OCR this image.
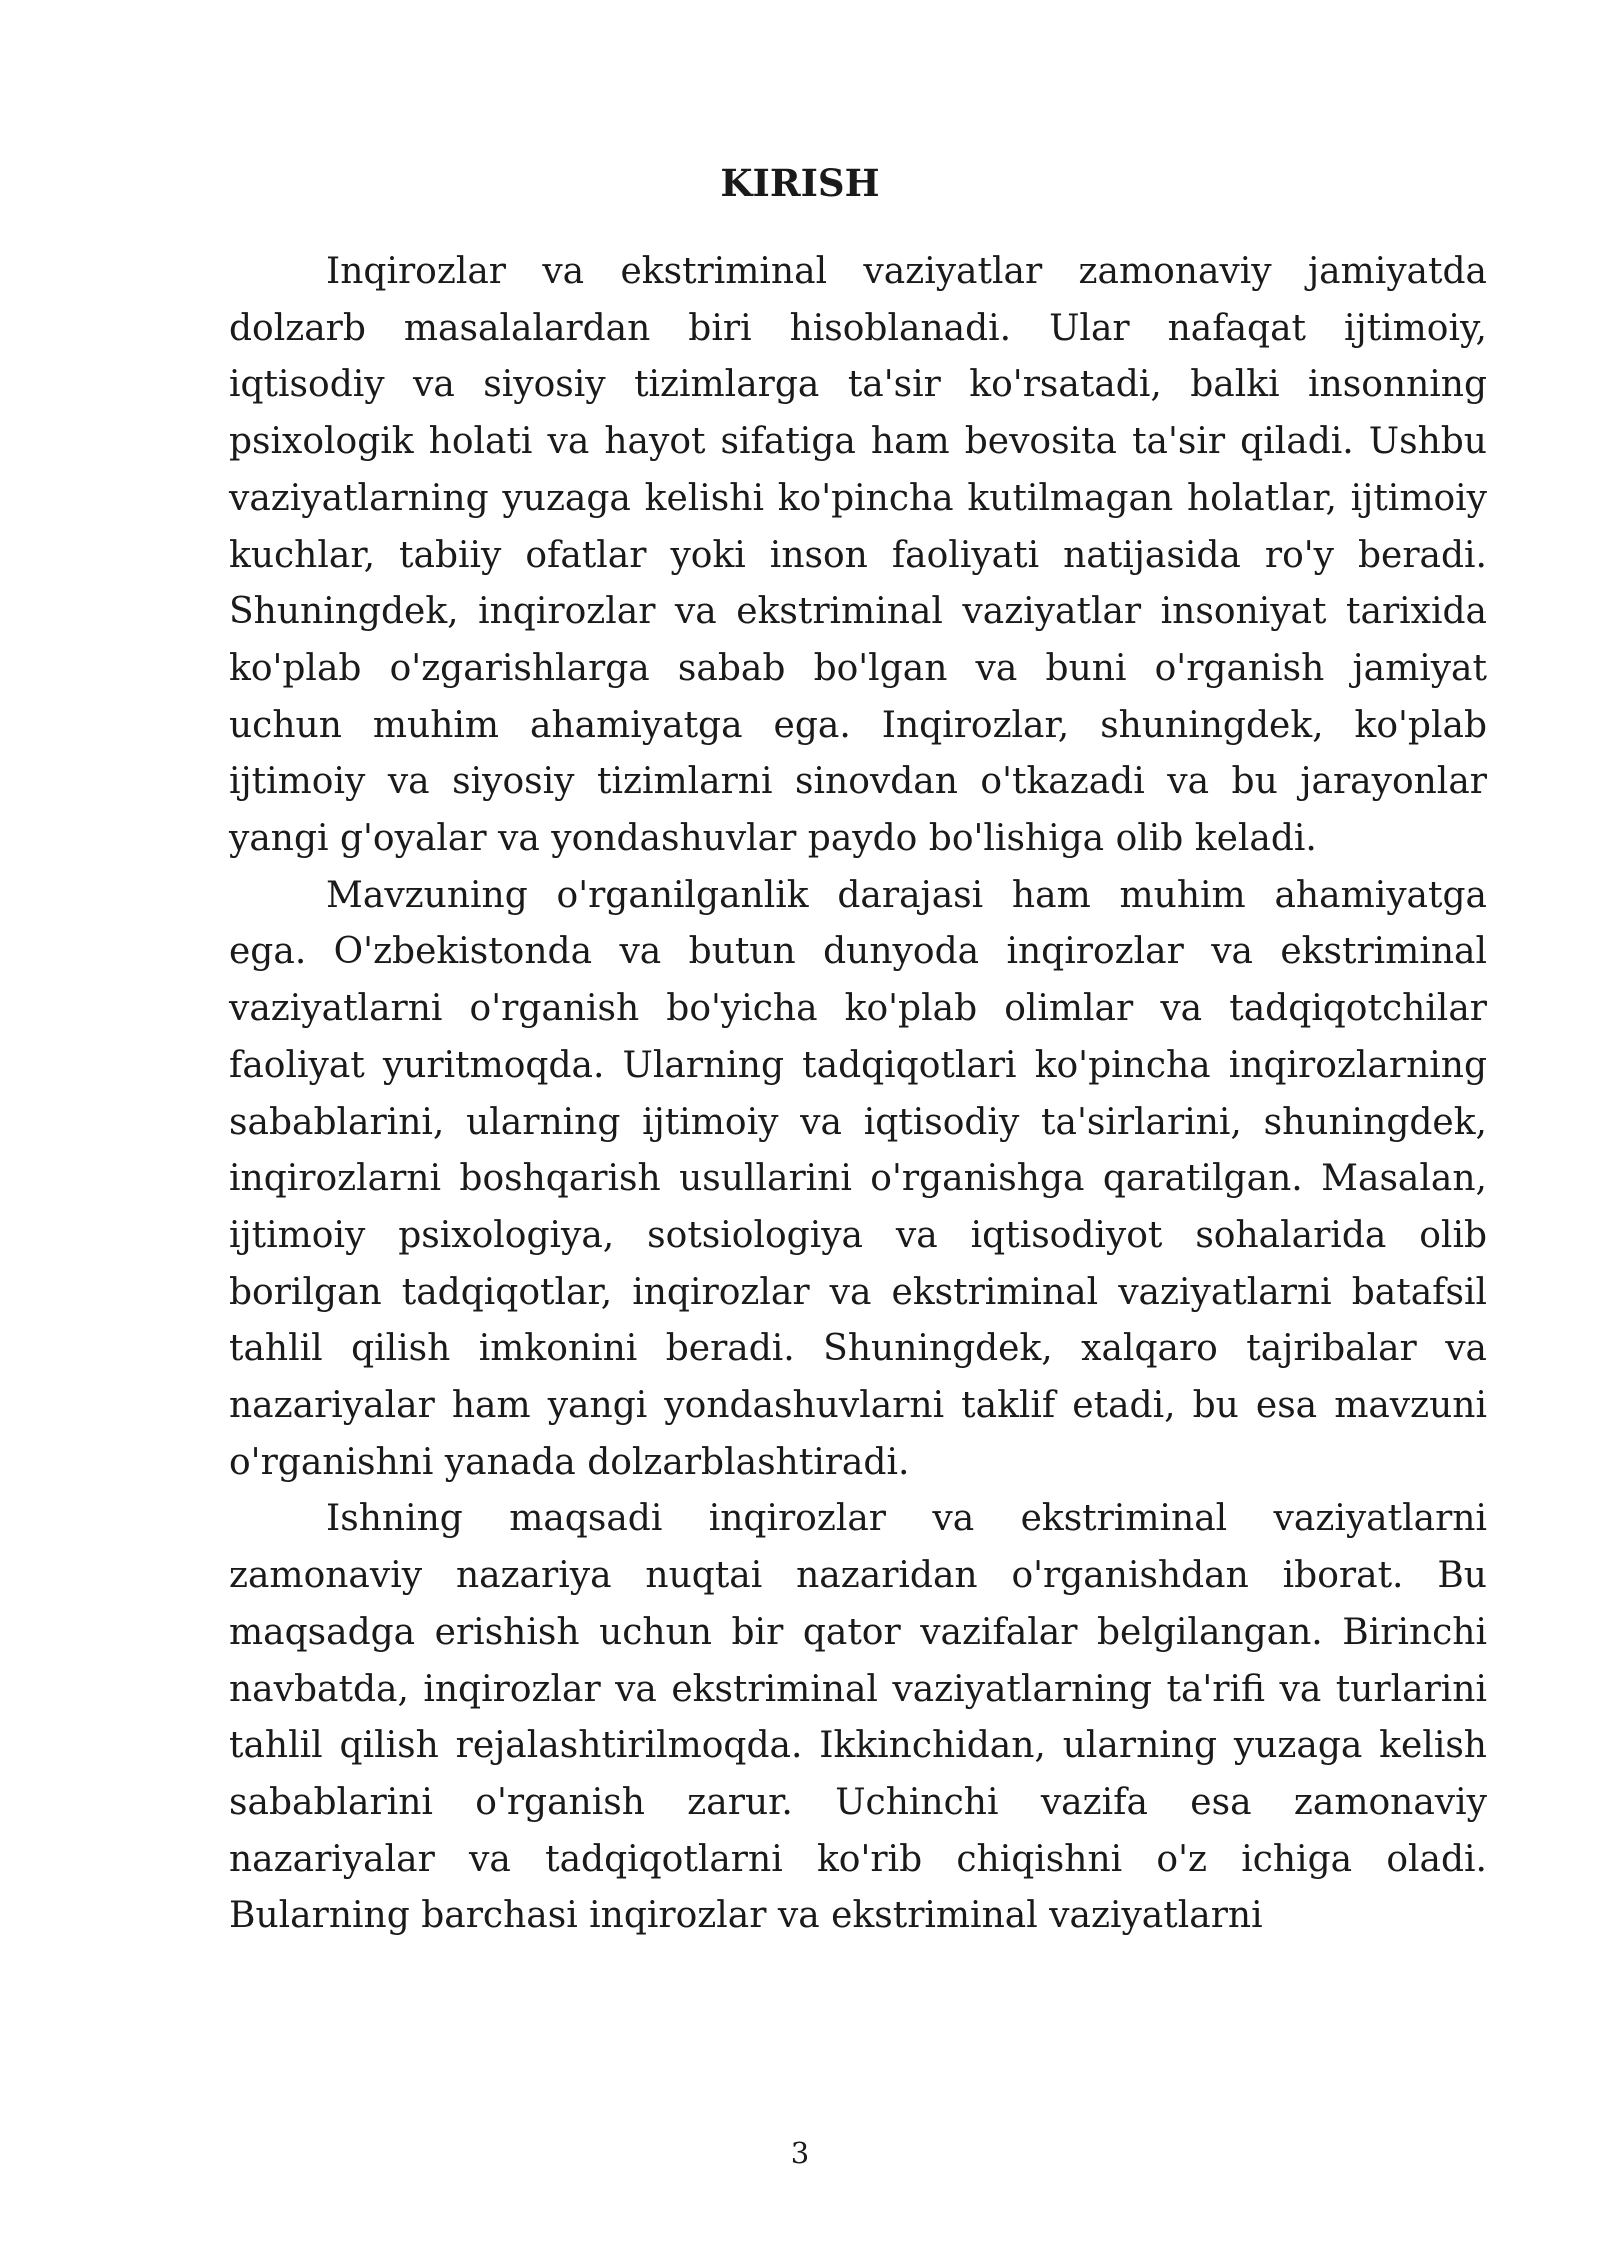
KIRISH

Inqirozlar va ekstriminal vaziyatlar zamonaviy jamiyatda dolzarb masalalardan biri hisoblanadi. Ular nafaqat ijtimoiy, iqtisodiy va siyosiy tizimlarga ta'sir ko'rsatadi, balki insonning psixologik holati va hayot sifatiga ham bevosita ta'sir qiladi. Ushbu vaziyatlarning yuzaga kelishi ko'pincha kutilmagan holatlar, ijtimoiy kuchlar, tabiiy ofatlar yoki inson faoliyati natijasida ro'y beradi. Shuningdek, inqirozlar va ekstriminal vaziyatlar insoniyat tarixida ko'plab o'zgarishlarga sabab bo'lgan va buni o'rganish jamiyat uchun muhim ahamiyatga ega. Inqirozlar, shuningdek, ko'plab ijtimoiy va siyosiy tizimlarni sinovdan o'tkazadi va bu jarayonlar yangi g'oyalar va yondashuvlar paydo bo'lishiga olib keladi.

Mavzuning o'rganilganlik darajasi ham muhim ahamiyatga ega. O'zbekistonda va butun dunyoda inqirozlar va ekstriminal vaziyatlarni o'rganish bo'yicha ko'plab olimlar va tadqiqotchilar faoliyat yuritmoqda. Ularning tadqiqotlari ko'pincha inqirozlarning sabablarini, ularning ijtimoiy va iqtisodiy ta'sirlarini, shuningdek, inqirozlarni boshqarish usullarini o'rganishga qaratilgan. Masalan, ijtimoiy psixologiya, sotsiologiya va iqtisodiyot sohalarida olib borilgan tadqiqotlar, inqirozlar va ekstriminal vaziyatlarni batafsil tahlil qilish imkonini beradi. Shuningdek, xalqaro tajribalar va nazariyalar ham yangi yondashuvlarni taklif etadi, bu esa mavzuni o'rganishni yanada dolzarblashtiradi.

Ishning maqsadi inqirozlar va ekstriminal vaziyatlarni zamonaviy nazariya nuqtai nazaridan o'rganishdan iborat. Bu maqsadga erishish uchun bir qator vazifalar belgilangan. Birinchi navbatda, inqirozlar va ekstriminal vaziyatlarning ta'rifi va turlarini tahlil qilish rejalashtirilmoqda. Ikkinchidan, ularning yuzaga kelish sabablarini o'rganish zarur. Uchinchi vazifa esa zamonaviy nazariyalar va tadqiqotlarni ko'rib chiqishni o'z ichiga oladi. Bularning barchasi inqirozlar va ekstriminal vaziyatlarni

3
